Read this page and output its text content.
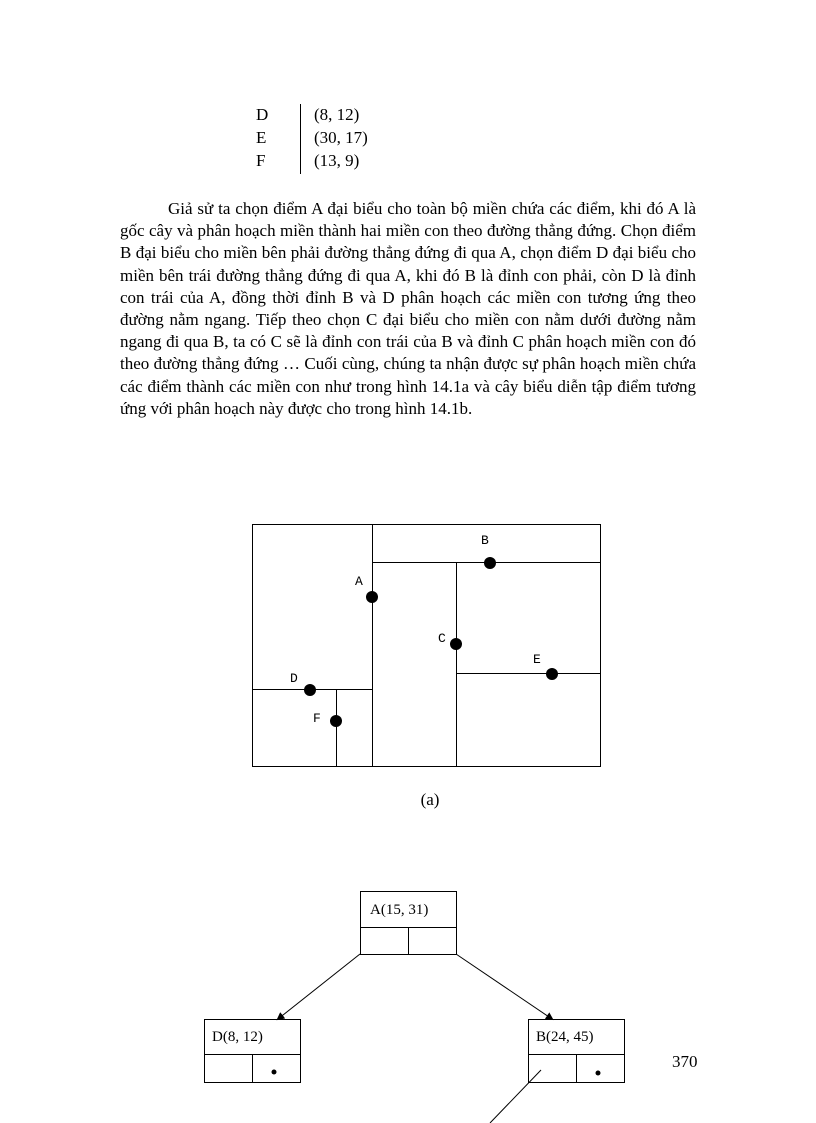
D	(8, 12)
E	(30, 17)
F	(13, 9)

Giả sử ta chọn điểm A đại biểu cho toàn bộ miền chứa các điểm, khi đó A là gốc cây và phân hoạch miền thành hai miền con theo đường thẳng đứng. Chọn điểm B đại biểu cho miền bên phải đường thẳng đứng đi qua A, chọn điểm D đại biểu cho miền bên trái đường thẳng đứng đi qua A, khi đó B là đỉnh con phải, còn D là đỉnh con trái của A, đồng thời đỉnh B và D phân hoạch các miền con tương ứng theo đường nằm ngang. Tiếp theo chọn C đại biểu cho miền con nằm dưới đường nằm ngang đi qua B, ta có C sẽ là đỉnh con trái của B và đỉnh C phân hoạch miền con đó theo đường thẳng đứng … Cuối cùng, chúng ta nhận được sự phân hoạch miền chứa các điểm thành các miền con như trong hình 14.1a và cây biểu diễn tập điểm tương ứng với phân hoạch này được cho trong hình 14.1b.

A
B
C
D
E
F
(a)
A(15, 31)
D(8, 12)	B(24, 45)
370
